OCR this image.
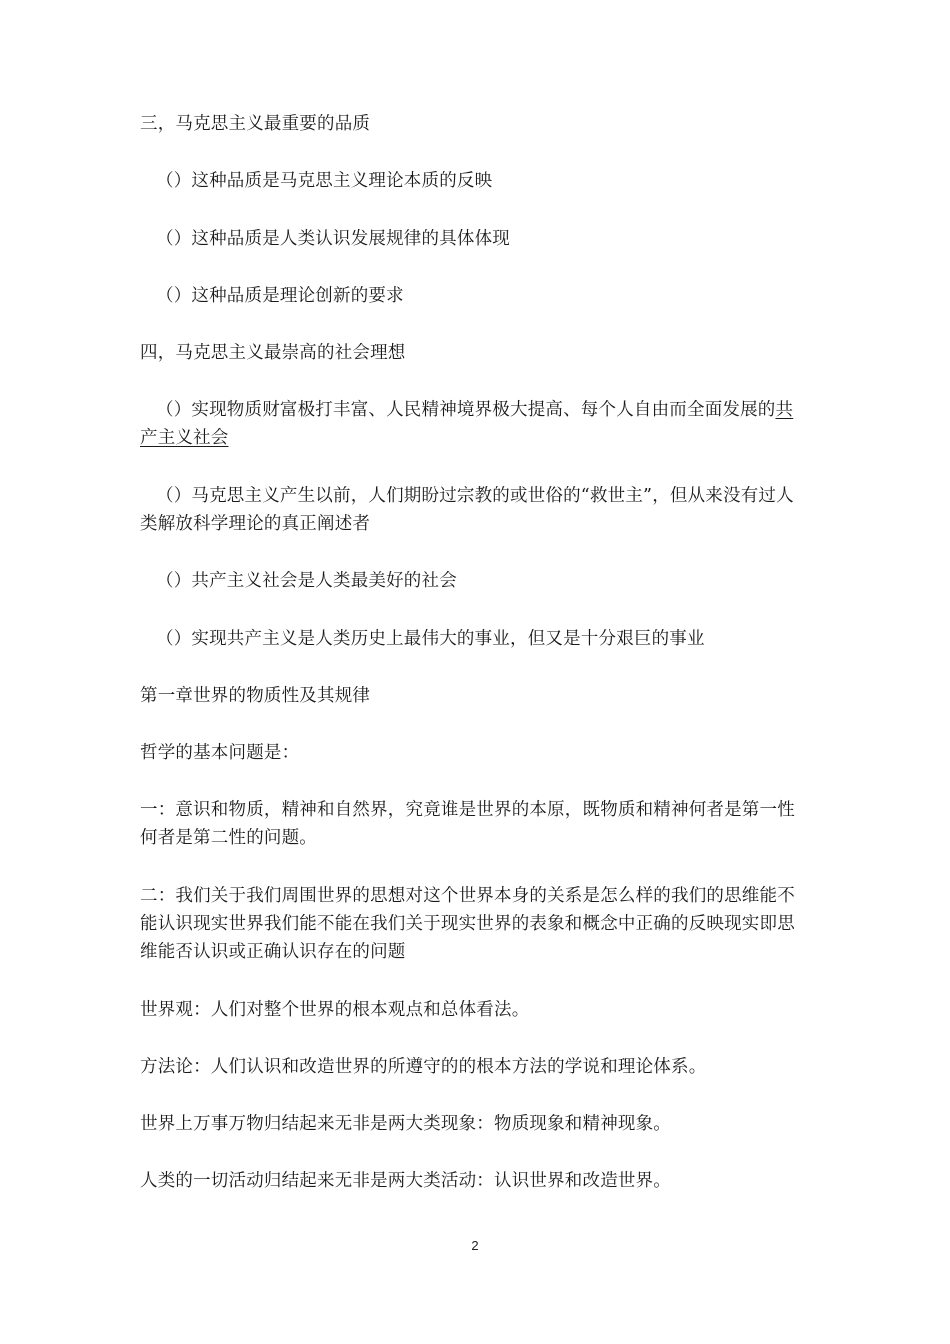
三，马克思主义最重要的品质
（）这种品质是马克思主义理论本质的反映
（）这种品质是人类认识发展规律的具体体现
（）这种品质是理论创新的要求
四，马克思主义最崇高的社会理想
（）实现物质财富极打丰富、人民精神境界极大提高、每个人自由而全面发展的共产主义社会
（）马克思主义产生以前，人们期盼过宗教的或世俗的“救世主”，但从来没有过人类解放科学理论的真正阐述者
（）共产主义社会是人类最美好的社会
（）实现共产主义是人类历史上最伟大的事业，但又是十分艰巨的事业
第一章世界的物质性及其规律
哲学的基本问题是：
一：意识和物质，精神和自然界，究竟谁是世界的本原，既物质和精神何者是第一性何者是第二性的问题。
二：我们关于我们周围世界的思想对这个世界本身的关系是怎么样的我们的思维能不能认识现实世界我们能不能在我们关于现实世界的表象和概念中正确的反映现实即思维能否认识或正确认识存在的问题
世界观：人们对整个世界的根本观点和总体看法。
方法论：人们认识和改造世界的所遵守的的根本方法的学说和理论体系。
世界上万事万物归结起来无非是两大类现象：物质现象和精神现象。
人类的一切活动归结起来无非是两大类活动：认识世界和改造世界。
2
